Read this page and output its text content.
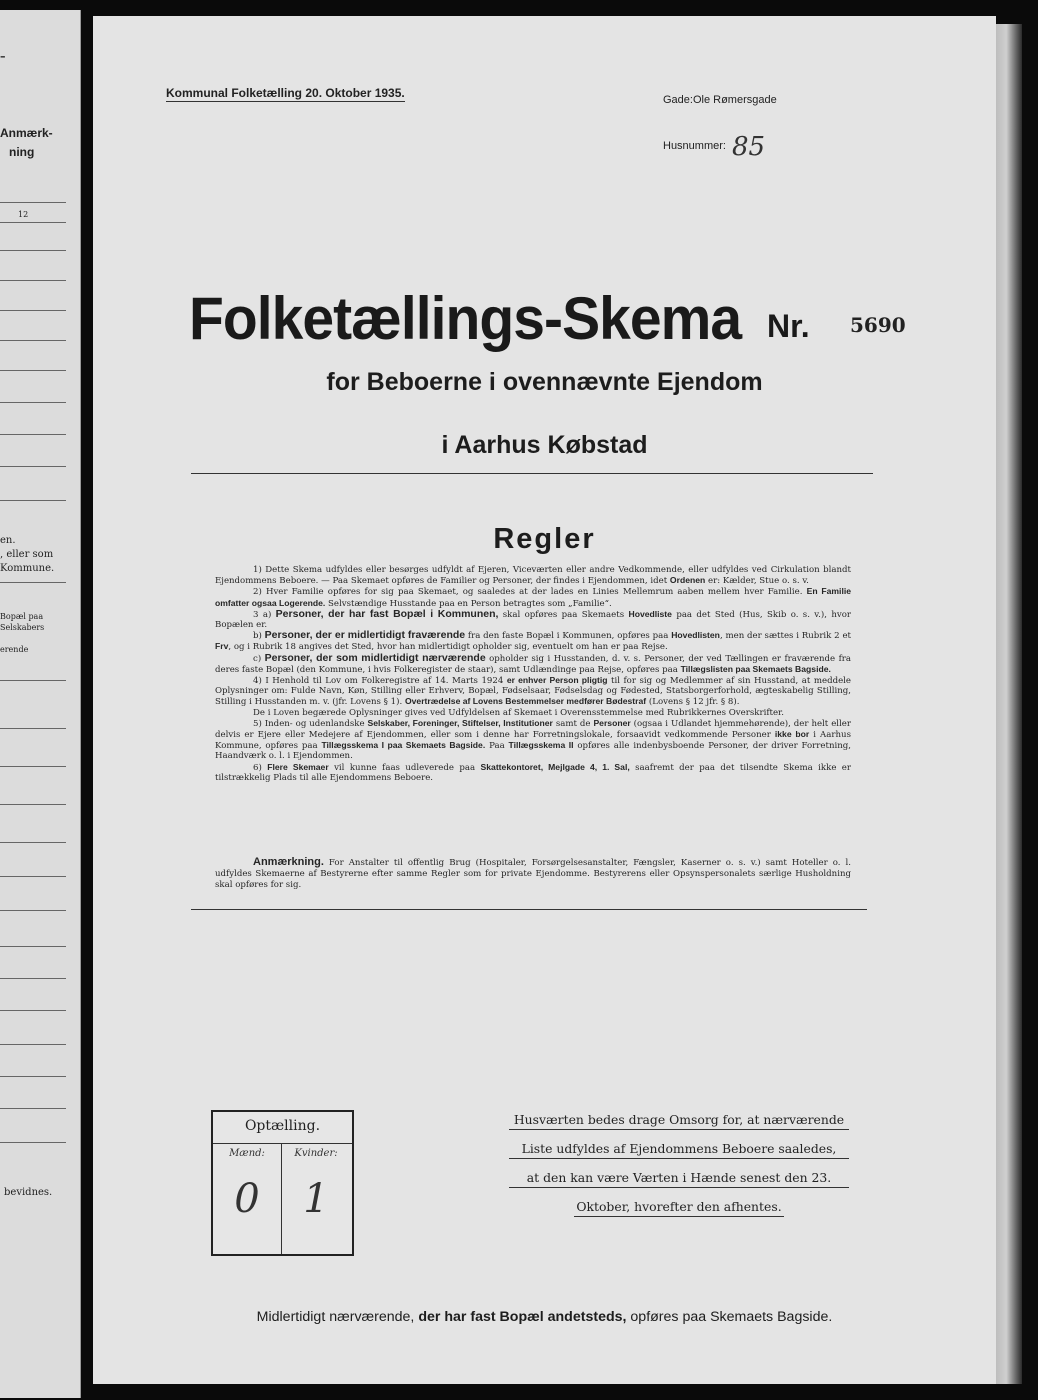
–
Anmærk-
ning
12
en.
, eller som
Kommune.
Bopæl paa
Selskabers
erende
bevidnes.
Kommunal Folketælling 20. Oktober 1935.	Gade:Ole Rømersgade
Husnummer: 85
Folketællings-Skema Nr. 5690
for Beboerne i ovennævnte Ejendom
i Aarhus Købstad
Regler

1) Dette Skema udfyldes eller besørges udfyldt af Ejeren, Viceværten eller andre Vedkommende, eller udfyldes ved Cirkulation blandt Ejendommens Beboere. — Paa Skemaet opføres de Familier og Personer, der findes i Ejendommen, idet Ordenen er: Kælder, Stue o. s. v.

2) Hver Familie opføres for sig paa Skemaet, og saaledes at der lades en Linies Mellemrum aaben mellem hver Familie. En Familie omfatter ogsaa Logerende. Selvstændige Husstande paa en Person betragtes som „Familie“.

3 a) Personer, der har fast Bopæl i Kommunen, skal opføres paa Skemaets Hovedliste paa det Sted (Hus, Skib o. s. v.), hvor Bopælen er.

b) Personer, der er midlertidigt fraværende fra den faste Bopæl i Kommunen, opføres paa Hovedlisten, men der sættes i Rubrik 2 et Frv, og i Rubrik 18 angives det Sted, hvor han midlertidigt opholder sig, eventuelt om han er paa Rejse.

c) Personer, der som midlertidigt nærværende opholder sig i Husstanden, d. v. s. Personer, der ved Tællingen er fraværende fra deres faste Bopæl (den Kommune, i hvis Folkeregister de staar), samt Udlændinge paa Rejse, opføres paa Tillægslisten paa Skemaets Bagside.

4) I Henhold til Lov om Folkeregistre af 14. Marts 1924 er enhver Person pligtig til for sig og Medlemmer af sin Husstand, at meddele Oplysninger om: Fulde Navn, Køn, Stilling eller Erhverv, Bopæl, Fødselsaar, Fødselsdag og Fødested, Statsborgerforhold, ægteskabelig Stilling, Stilling i Husstanden m. v. (jfr. Lovens § 1). Overtrædelse af Lovens Bestemmelser medfører Bødestraf (Lovens § 12 jfr. § 8).

De i Loven begærede Oplysninger gives ved Udfyldelsen af Skemaet i Overensstemmelse med Rubrikkernes Overskrifter.

5) Inden- og udenlandske Selskaber, Foreninger, Stiftelser, Institutioner samt de Personer (ogsaa i Udlandet hjemmehørende), der helt eller delvis er Ejere eller Medejere af Ejendommen, eller som i denne har Forretningslokale, forsaavidt vedkommende Personer ikke bor i Aarhus Kommune, opføres paa Tillægsskema I paa Skemaets Bagside. Paa Tillægsskema II opføres alle indenbysboende Personer, der driver Forretning, Haandværk o. l. i Ejendommen.

6) Flere Skemaer vil kunne faas udleverede paa Skattekontoret, Mejlgade 4, 1. Sal, saafremt der paa det tilsendte Skema ikke er tilstrækkelig Plads til alle Ejendommens Beboere.

Anmærkning. For Anstalter til offentlig Brug (Hospitaler, Forsørgelsesanstalter, Fængsler, Kaserner o. s. v.) samt Hoteller o. l. udfyldes Skemaerne af Bestyrerne efter samme Regler som for private Ejendomme. Bestyrerens eller Opsynspersonalets særlige Husholdning skal opføres for sig.

Optælling.
Mænd:	Kvinder:
0	1
Husværten bedes drage Omsorg for, at nærværende
Liste udfyldes af Ejendommens Beboere saaledes,
at den kan være Værten i Hænde senest den 23.
Oktober, hvorefter den afhentes.
Midlertidigt nærværende, der har fast Bopæl andetsteds, opføres paa Skemaets Bagside.
